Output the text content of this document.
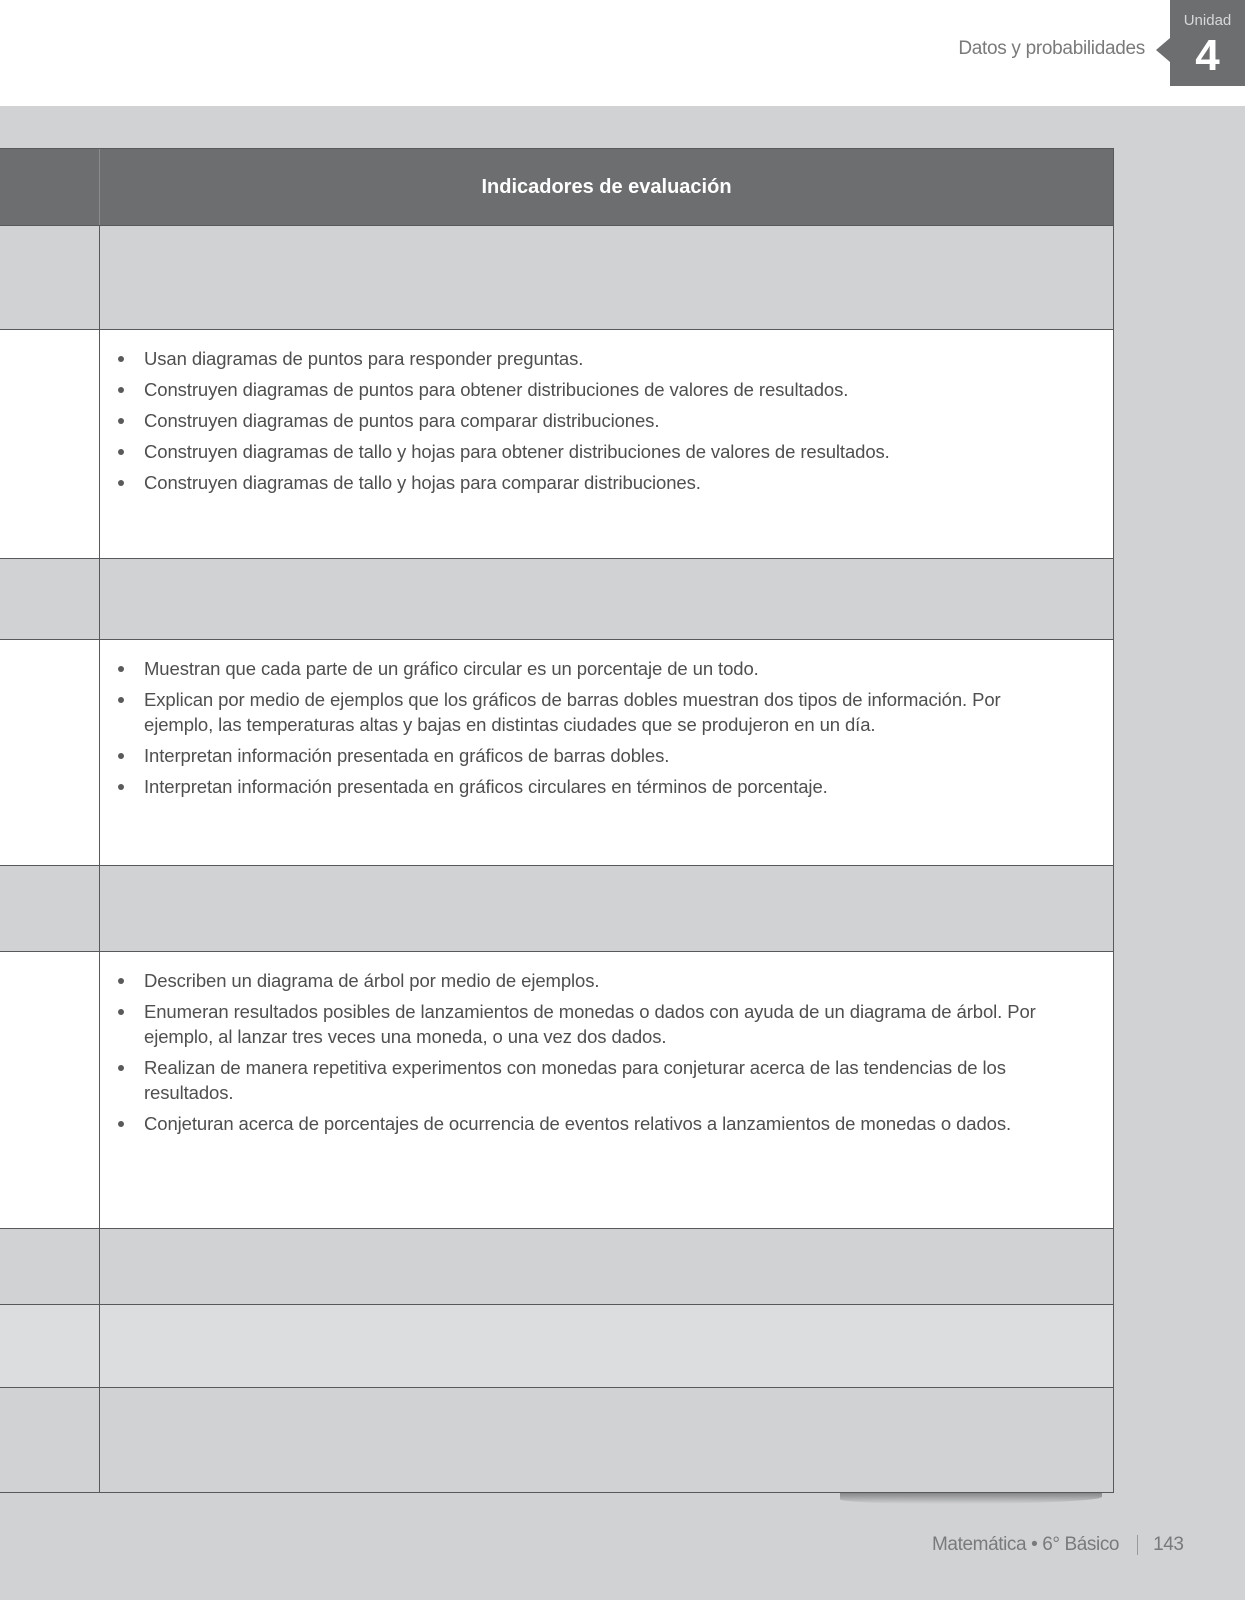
Datos y probabilidades
Unidad
4
Indicadores de evaluación
Usan diagramas de puntos para responder preguntas.
Construyen diagramas de puntos para obtener distribuciones de valores de resultados.
Construyen diagramas de puntos para comparar distribuciones.
Construyen diagramas de tallo y hojas para obtener distribuciones de valores de resultados.
Construyen diagramas de tallo y hojas para comparar distribuciones.
Muestran que cada parte de un gráfico circular es un porcentaje de un todo.
Explican por medio de ejemplos que los gráficos de barras dobles muestran dos tipos de información. Por ejemplo, las temperaturas altas y bajas en distintas ciudades que se produjeron en un día.
Interpretan información presentada en gráficos de barras dobles.
Interpretan información presentada en gráficos circulares en términos de porcentaje.
Describen un diagrama de árbol por medio de ejemplos.
Enumeran resultados posibles de lanzamientos de monedas o dados con ayuda de un diagrama de árbol. Por ejemplo, al lanzar tres veces una moneda, o una vez dos dados.
Realizan de manera repetitiva experimentos con monedas para conjeturar acerca de las tendencias de los resultados.
Conjeturan acerca de porcentajes de ocurrencia de eventos relativos a lanzamientos de monedas o dados.
Matemática • 6° Básico 143
